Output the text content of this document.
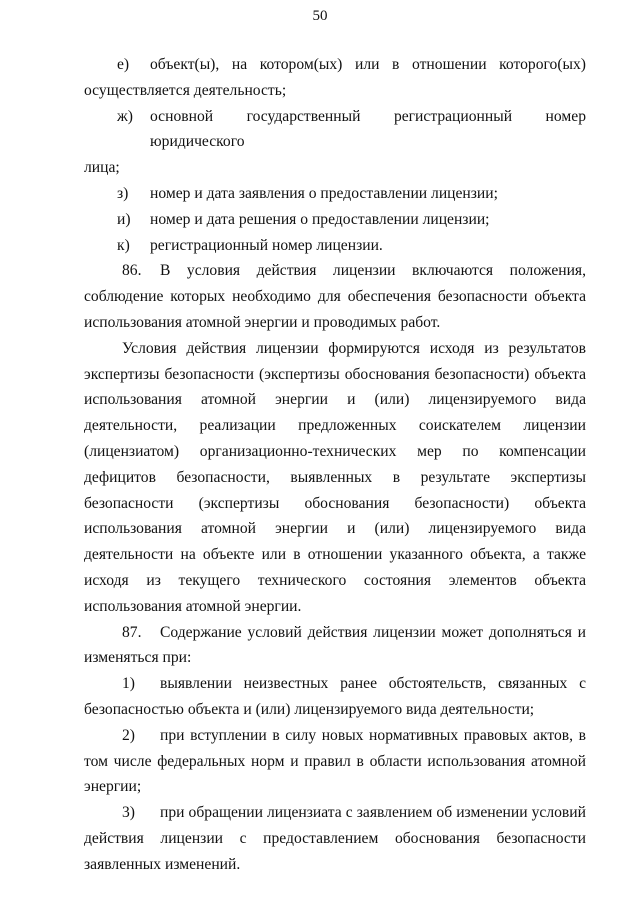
50
е)	объект(ы), на котором(ых) или в отношении которого(ых)

осуществляется деятельность;

ж)	основной государственный регистрационный номер юридического

лица;

з)	номер и дата заявления о предоставлении лицензии;
и)	номер и дата решения о предоставлении лицензии;
к)	регистрационный номер лицензии.
86.	В условия действия лицензии включаются положения,

соблюдение которых необходимо для обеспечения безопасности объекта использования атомной энергии и проводимых работ.

Условия действия лицензии формируются исходя из результатов экспертизы безопасности (экспертизы обоснования безопасности) объекта использования атомной энергии и (или) лицензируемого вида деятельности, реализации предложенных соискателем лицензии (лицензиатом) организационно-технических мер по компенсации дефицитов безопасности, выявленных в результате экспертизы безопасности (экспертизы обоснования безопасности) объекта использования атомной энергии и (или) лицензируемого вида деятельности на объекте или в отношении указанного объекта, а также исходя из текущего технического состояния элементов объекта использования атомной энергии.

87.	Содержание условий действия лицензии может дополняться и

изменяться при:

1)	выявлении неизвестных ранее обстоятельств, связанных с

безопасностью объекта и (или) лицензируемого вида деятельности;

2)	при вступлении в силу новых нормативных правовых актов, в

том числе федеральных норм и правил в области использования атомной энергии;

3)	при обращении лицензиата с заявлением об изменении условий

действия лицензии с предоставлением обоснования безопасности заявленных изменений.
